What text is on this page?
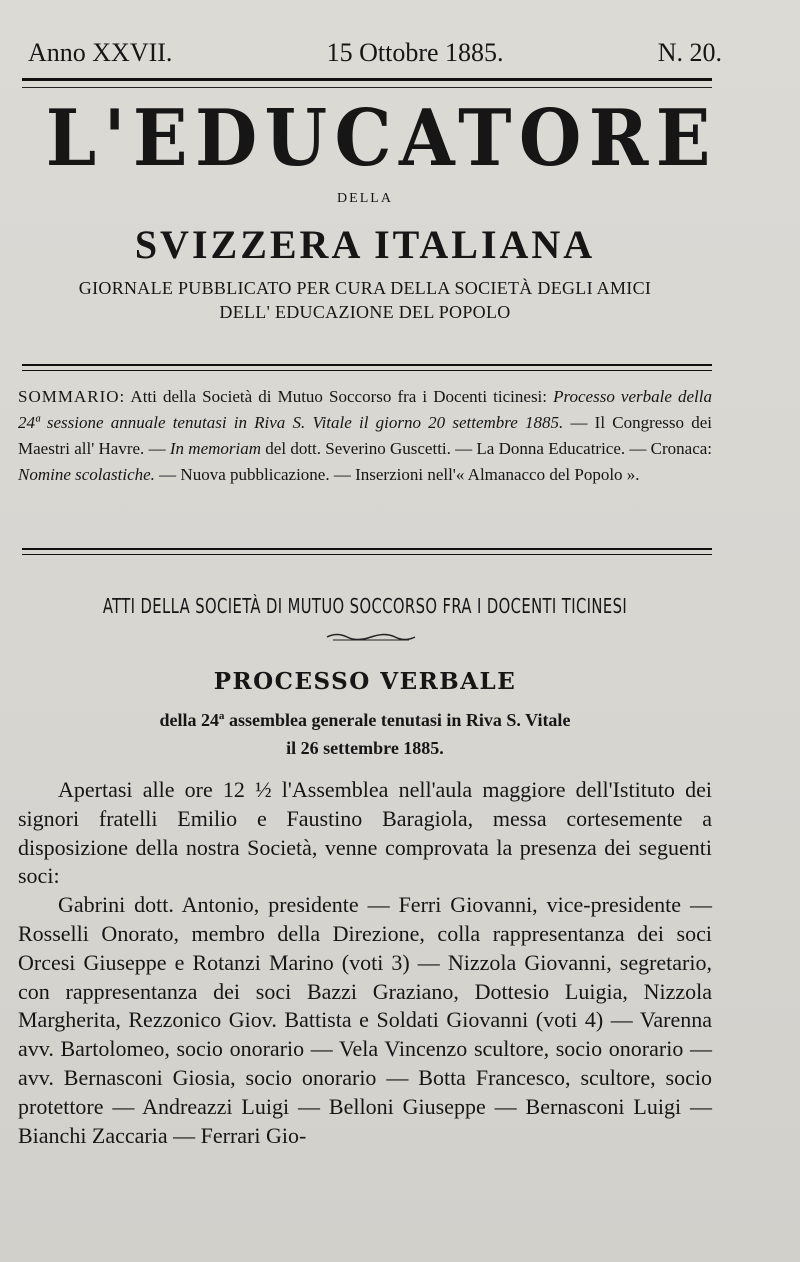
Anno XXVII.	15 Ottobre 1885.	N. 20.
L'EDUCATORE
DELLA
SVIZZERA ITALIANA
GIORNALE PUBBLICATO PER CURA DELLA SOCIETÀ DEGLI AMICI
DELL' EDUCAZIONE DEL POPOLO
SOMMARIO: Atti della Società di Mutuo Soccorso fra i Docenti ticinesi: Processo verbale della 24ª sessione annuale tenutasi in Riva S. Vitale il giorno 20 settembre 1885. — Il Congresso dei Maestri all' Havre. — In memoriam del dott. Severino Guscetti. — La Donna Educatrice. — Cronaca: Nomine scolastiche. — Nuova pubblicazione. — Inserzioni nell'« Almanacco del Popolo ».
ATTI DELLA SOCIETÀ DI MUTUO SOCCORSO FRA I DOCENTI TICINESI
PROCESSO VERBALE
della 24ª assemblea generale tenutasi in Riva S. Vitale
il 26 settembre 1885.

Apertasi alle ore 12 ½ l'Assemblea nell'aula maggiore dell'Istituto dei signori fratelli Emilio e Faustino Baragiola, messa cortesemente a disposizione della nostra Società, venne comprovata la presenza dei seguenti soci:

Gabrini dott. Antonio, presidente — Ferri Giovanni, vice-presidente — Rosselli Onorato, membro della Direzione, colla rappresentanza dei soci Orcesi Giuseppe e Rotanzi Marino (voti 3) — Nizzola Giovanni, segretario, con rappresentanza dei soci Bazzi Graziano, Dottesio Luigia, Nizzola Margherita, Rezzonico Giov. Battista e Soldati Giovanni (voti 4) — Varenna avv. Bartolomeo, socio onorario — Vela Vincenzo scultore, socio onorario — avv. Bernasconi Giosia, socio onorario — Botta Francesco, scultore, socio protettore — Andreazzi Luigi — Belloni Giuseppe — Bernasconi Luigi — Bianchi Zaccaria — Ferrari Gio-
